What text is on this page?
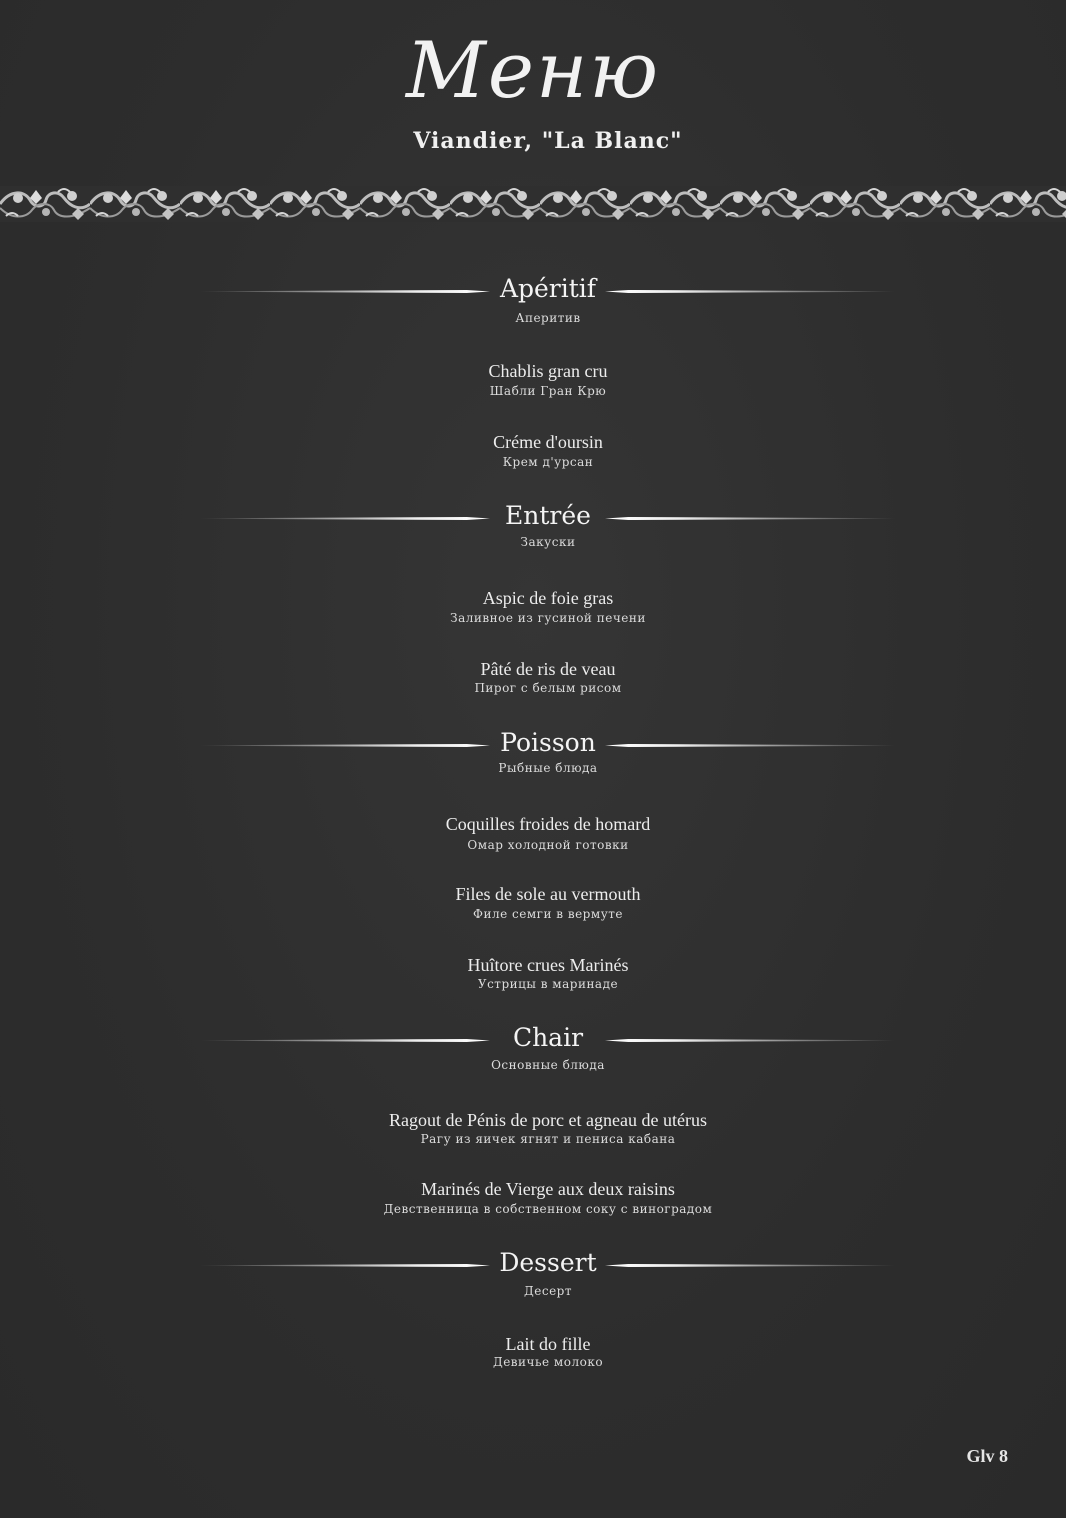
Меню
Viandier, "La Blanc"
Apéritif
Аперитив
Chablis gran cru
Шабли Гран Крю
Créme d'oursin
Крем д'урсан
Entrée
Закуски
Aspic de foie gras
Заливное из гусиной печени
Pâté de ris de veau
Пирог с белым рисом
Poisson
Рыбные блюда
Coquilles froides de homard
Омар холодной готовки
Files de sole au vermouth
Филе семги в вермуте
Huîtore crues Marinés
Устрицы в маринаде
Chair
Основные блюда
Ragout de Pénis de porc et agneau de utérus
Рагу из яичек ягнят и пениса кабана
Marinés de Vierge aux deux raisins
Девственница в собственном соку с виноградом
Dessert
Десерт
Lait do fille
Девичье молоко
Glv 8
